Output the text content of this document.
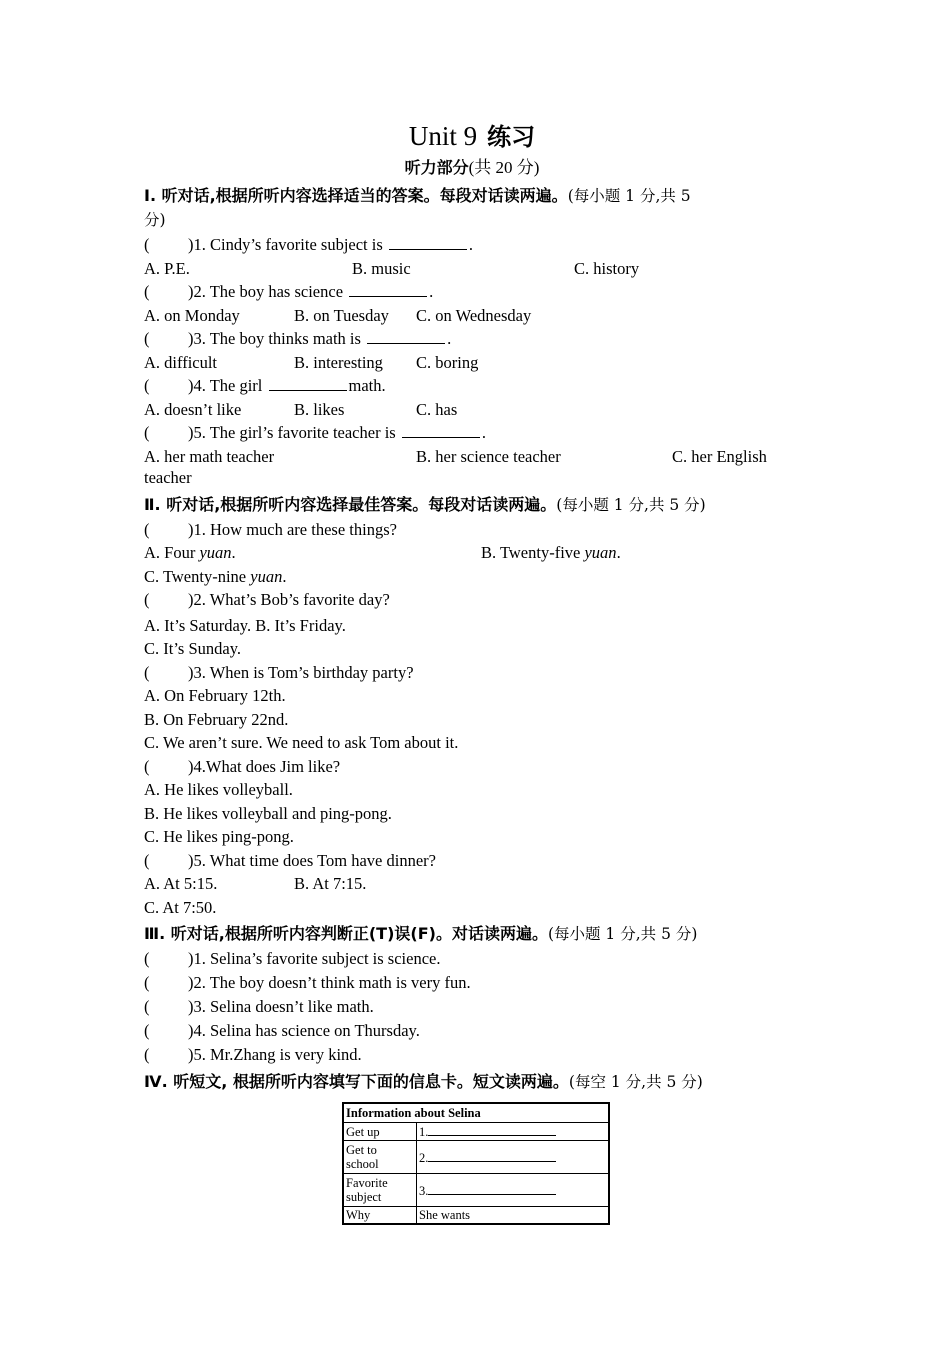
Unit 9 练习
听力部分(共 20 分)
Ⅰ. 听对话,根据所听内容选择适当的答案。每段对话读两遍。(每小题 1 分,共 5
分)
( )1. Cindy’s favorite subject is	.
A. P.E.	B. music	C. history
( )2. The boy has science	.
A. on Monday	B. on Tuesday	C. on Wednesday
( )3. The boy thinks math is	.
A. difficult	B. interesting	C. boring
( )4. The girl	math.
A. doesn’t like	B. likes	C. has
( )5. The girl’s favorite teacher is	.
A. her math teacher	B. her science teacher	C. her English
teacher
Ⅱ. 听对话,根据所听内容选择最佳答案。每段对话读两遍。(每小题 1 分,共 5 分)
( )1. How much are these things?
A. Four yuan.	B. Twenty-five yuan.
C. Twenty-nine yuan.
( )2. What’s Bob’s favorite day?
A. It’s Saturday. B. It’s Friday.
C. It’s Sunday.
( )3. When is Tom’s birthday party?
A. On February 12th.
B. On February 22nd.
C. We aren’t sure. We need to ask Tom about it.
( )4.What does Jim like?
A. He likes volleyball.
B. He likes volleyball and ping-pong.
C. He likes ping-pong.
( )5. What time does Tom have dinner?
A. At 5:15.	B. At 7:15.
C. At 7:50.
Ⅲ. 听对话,根据所听内容判断正(T)误(F)。对话读两遍。(每小题 1 分,共 5 分)
( )1. Selina’s favorite subject is science.
( )2. The boy doesn’t think math is very fun.
( )3. Selina doesn’t like math.
( )4. Selina has science on Thursday.
( )5. Mr.Zhang is very kind.
Ⅳ. 听短文, 根据所听内容填写下面的信息卡。短文读两遍。(每空 1 分,共 5 分)
Information about Selina	
Get up	1.

Get to school	2.

Favorite subject	3.
Why	She wants
